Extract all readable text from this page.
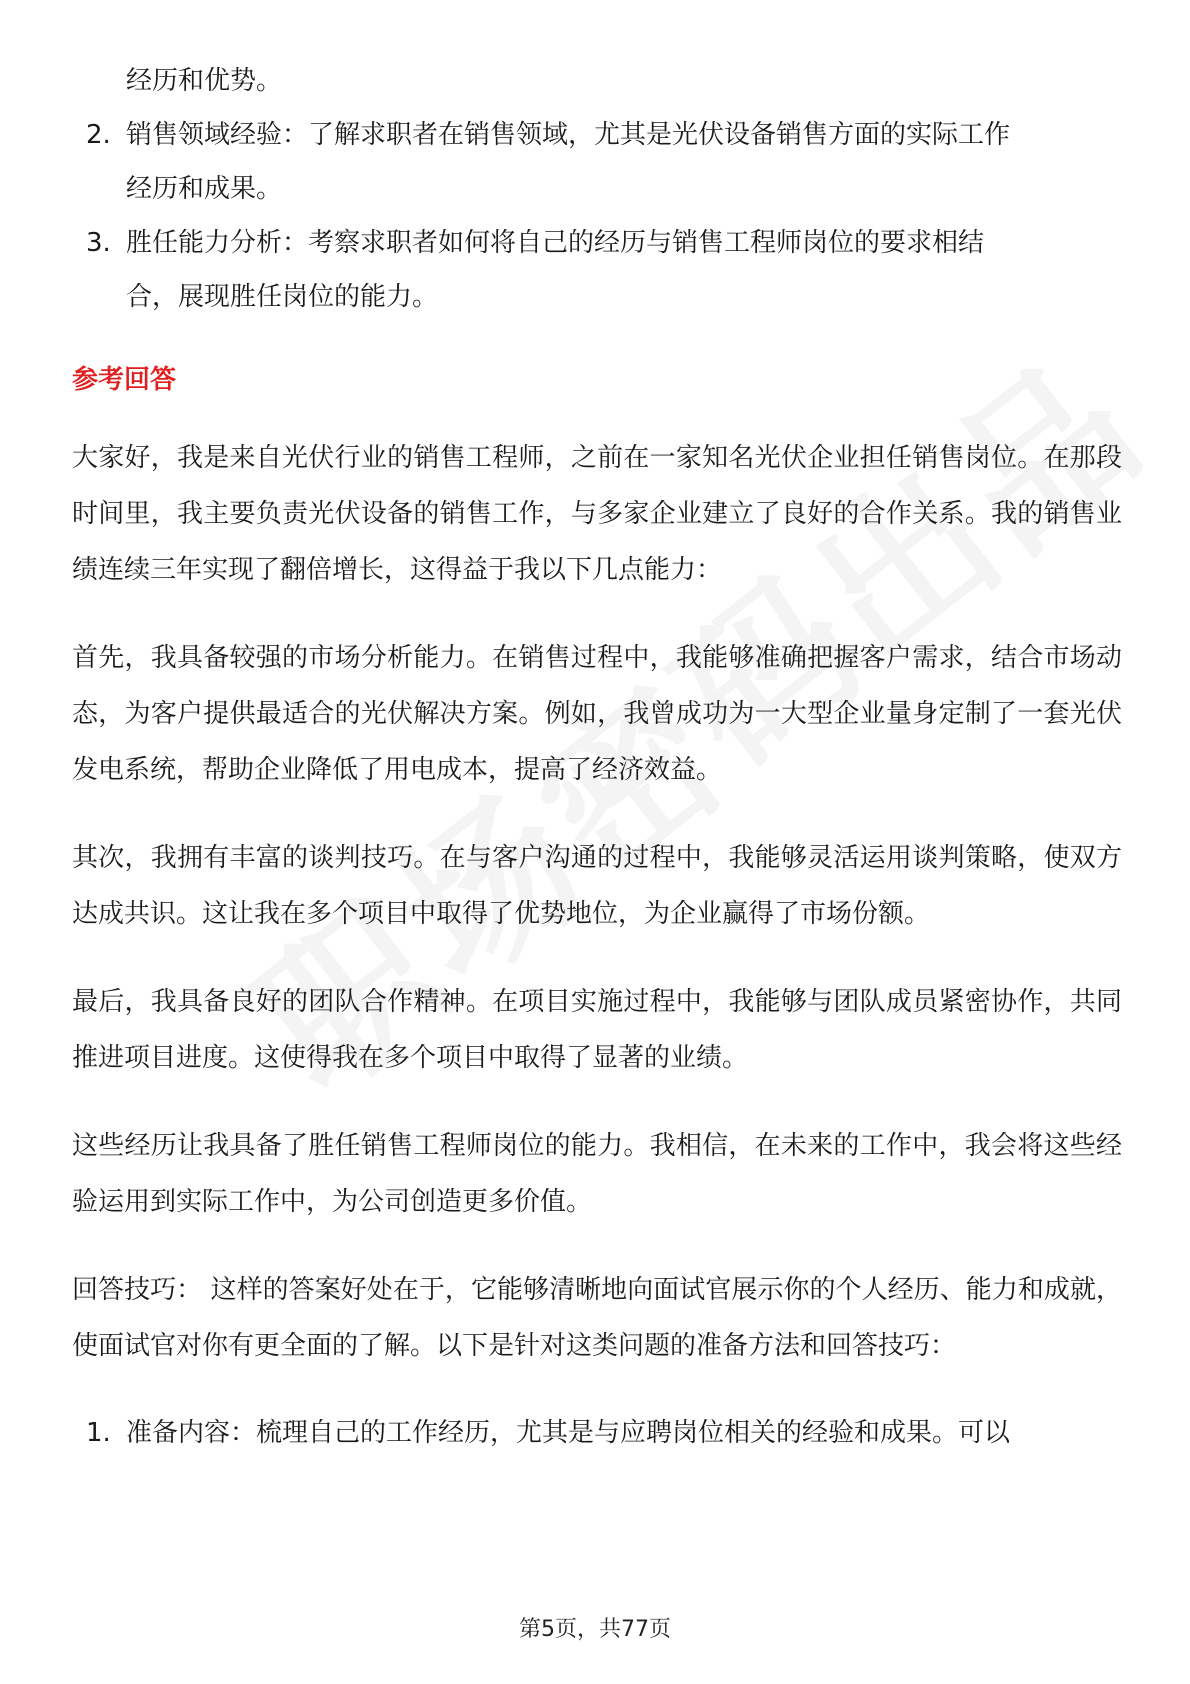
经历和优势。
2. 销售领域经验：了解求职者在销售领域，尤其是光伏设备销售方面的实际工作
经历和成果。
3. 胜任能力分析：考察求职者如何将自己的经历与销售工程师岗位的要求相结
合，展现胜任岗位的能力。
参考回答

大家好，我是来自光伏行业的销售工程师，之前在一家知名光伏企业担任销售岗位。在那段时间里，我主要负责光伏设备的销售工作，与多家企业建立了良好的合作关系。我的销售业绩连续三年实现了翻倍增长，这得益于我以下几点能力：

首先，我具备较强的市场分析能力。在销售过程中，我能够准确把握客户需求，结合市场动态，为客户提供最适合的光伏解决方案。例如，我曾成功为一大型企业量身定制了一套光伏发电系统，帮助企业降低了用电成本，提高了经济效益。

其次，我拥有丰富的谈判技巧。在与客户沟通的过程中，我能够灵活运用谈判策略，使双方达成共识。这让我在多个项目中取得了优势地位，为企业赢得了市场份额。

最后，我具备良好的团队合作精神。在项目实施过程中，我能够与团队成员紧密协作，共同推进项目进度。这使得我在多个项目中取得了显著的业绩。

这些经历让我具备了胜任销售工程师岗位的能力。我相信，在未来的工作中，我会将这些经验运用到实际工作中，为公司创造更多价值。

回答技巧： 这样的答案好处在于，它能够清晰地向面试官展示你的个人经历、能力和成就，使面试官对你有更全面的了解。以下是针对这类问题的准备方法和回答技巧：

1. 准备内容：梳理自己的工作经历，尤其是与应聘岗位相关的经验和成果。可以
第5页，共77页
